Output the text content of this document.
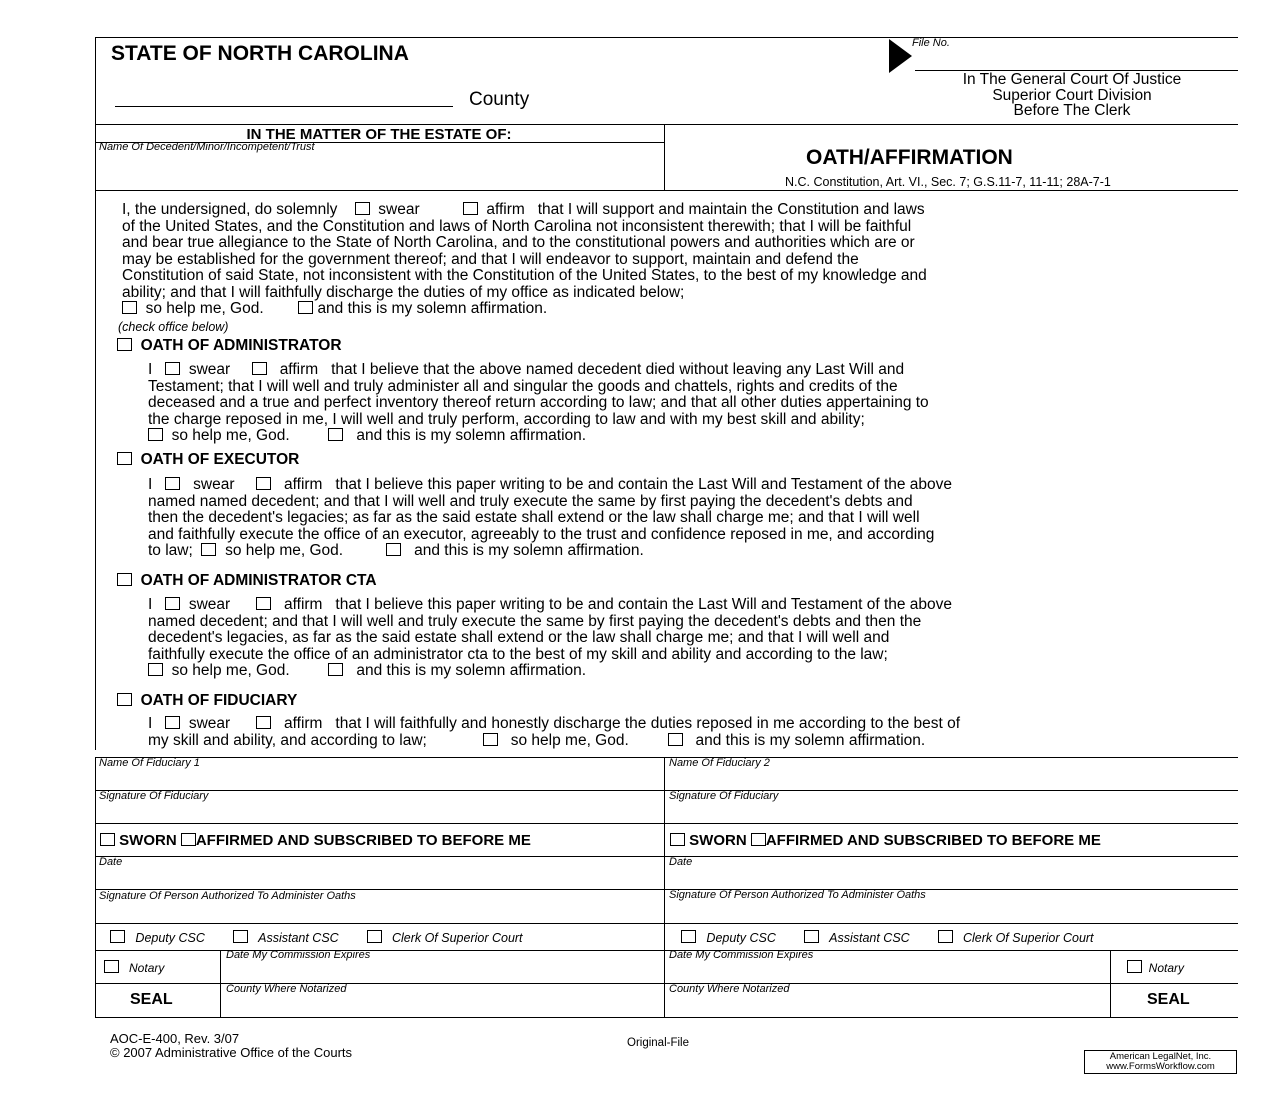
STATE OF NORTH CAROLINA
County
File No.
In The General Court Of Justice
Superior Court Division
Before The Clerk
IN THE MATTER OF THE ESTATE OF:
Name Of Decedent/Minor/Incompetent/Trust	OATH/AFFIRMATION
N.C. Constitution, Art. VI., Sec. 7; G.S.11-7, 11-11; 28A-7-1
I, the undersigned, do solemnly	swear	affirm that I will support and maintain the Constitution and laws
of the United States, and the Constitution and laws of North Carolina not inconsistent therewith; that I will be faithful
and bear true allegiance to the State of North Carolina, and to the constitutional powers and authorities which are or
may be established for the government thereof; and that I will endeavor to support, maintain and defend the
Constitution of said State, not inconsistent with the Constitution of the United States, to the best of my knowledge and
ability; and that I will faithfully discharge the duties of my office as indicated below;
so help me, God.	and this is my solemn affirmation.
(check office below)
OATH OF ADMINISTRATOR
I swear	affirm that I believe that the above named decedent died without leaving any Last Will and
Testament; that I will well and truly administer all and singular the goods and chattels, rights and credits of the
deceased and a true and perfect inventory thereof return according to law; and that all other duties appertaining to
the charge reposed in me, I will well and truly perform, according to law and with my best skill and ability;
so help me, God.	and this is my solemn affirmation.
OATH OF EXECUTOR
I	swear	affirm that I believe this paper writing to be and contain the Last Will and Testament of the above
named named decedent; and that I will well and truly execute the same by first paying the decedent's debts and
then the decedent's legacies; as far as the said estate shall extend or the law shall charge me; and that I will well
and faithfully execute the office of an executor, agreeably to the trust and confidence reposed in me, and according
to law; so help me, God.	and this is my solemn affirmation.
OATH OF ADMINISTRATOR CTA
I swear	affirm that I believe this paper writing to be and contain the Last Will and Testament of the above
named decedent; and that I will well and truly execute the same by first paying the decedent's debts and then the
decedent's legacies, as far as the said estate shall extend or the law shall charge me; and that I will well and
faithfully execute the office of an administrator cta to the best of my skill and ability and according to the law;
so help me, God.	and this is my solemn affirmation.
OATH OF FIDUCIARY
I swear	affirm that I will faithfully and honestly discharge the duties reposed in me according to the best of
my skill and ability, and according to law;	so help me, God.	and this is my solemn affirmation.
Name Of Fiduciary 1	Name Of Fiduciary 2
Signature Of Fiduciary	Signature Of Fiduciary
SWORN AFFIRMED AND SUBSCRIBED TO BEFORE ME	SWORN AFFIRMED AND SUBSCRIBED TO BEFORE ME
Date	Date
Signature Of Person Authorized To Administer Oaths	Signature Of Person Authorized To Administer Oaths
Deputy CSC	Assistant CSC	Clerk Of Superior Court	Deputy CSC	Assistant CSC	Clerk Of Superior Court
Notary	Notary
Date My Commission Expires	Date My Commission Expires
County Where Notarized	County Where Notarized
SEAL	SEAL
AOC-E-400, Rev. 3/07
© 2007 Administrative Office of the Courts
Original-File
American LegalNet, Inc.
www.FormsWorkflow.com
